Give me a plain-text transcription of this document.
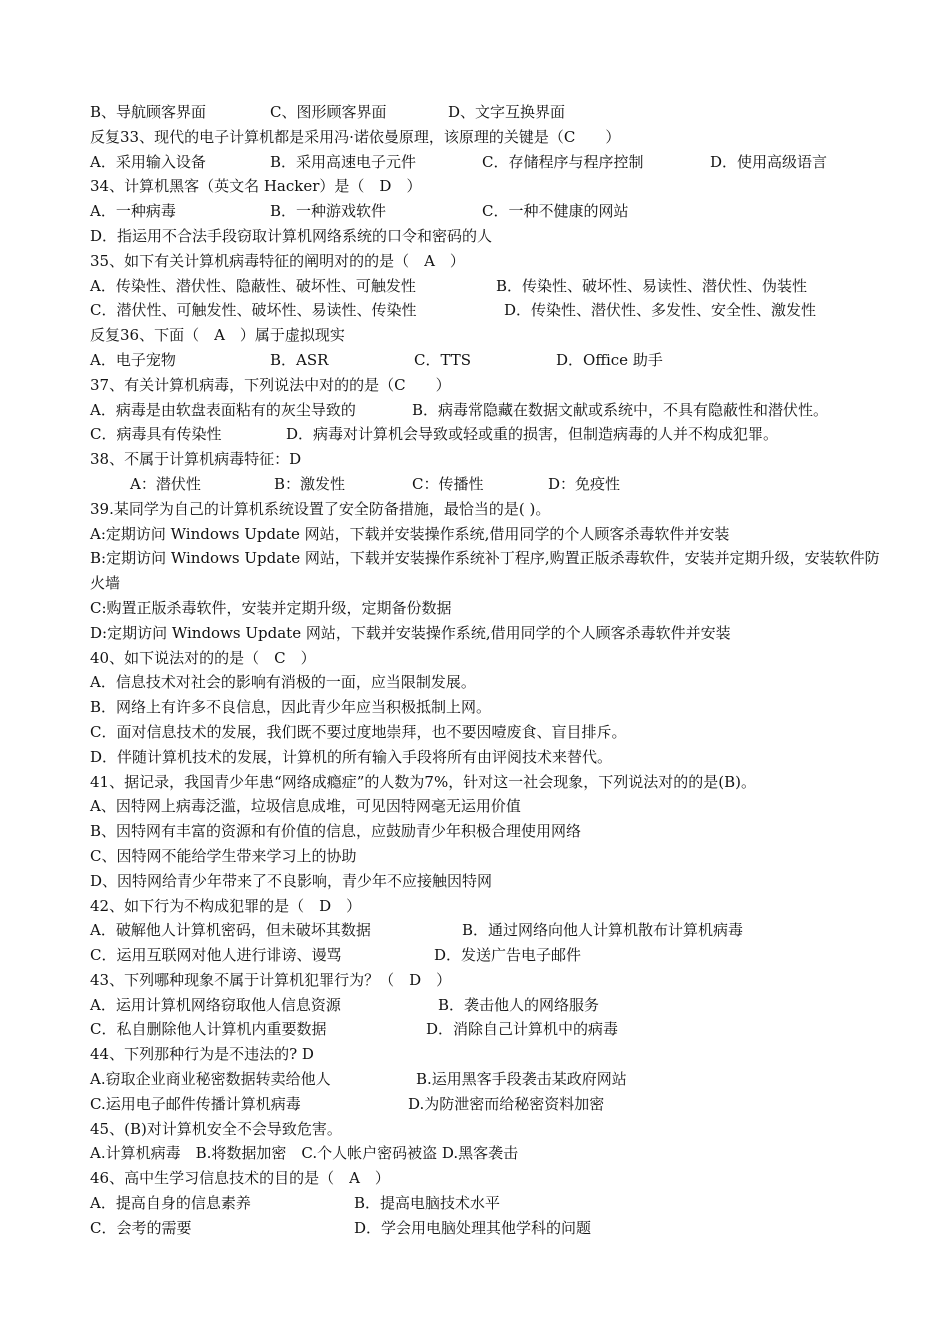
B、导航顾客界面	C、图形顾客界面	D、文字互换界面
反复33、现代的电子计算机都是采用冯·诺依曼原理，该原理的关键是（C　　）
A．采用输入设备	B．采用高速电子元件	C．存储程序与程序控制	D．使用高级语言
34、计算机黑客（英文名 Hacker）是（　D　）
A．一种病毒	B．一种游戏软件	C．一种不健康的网站
D．指运用不合法手段窃取计算机网络系统的口令和密码的人
35、如下有关计算机病毒特征的阐明对的的是（　A　）
A．传染性、潜伏性、隐蔽性、破坏性、可触发性	B．传染性、破坏性、易读性、潜伏性、伪装性
C．潜伏性、可触发性、破坏性、易读性、传染性	D．传染性、潜伏性、多发性、安全性、激发性
反复36、下面（　A　）属于虚拟现实
A．电子宠物	B．ASR	C．TTS	D．Office 助手
37、有关计算机病毒，下列说法中对的的是（C　　）
A．病毒是由软盘表面粘有的灰尘导致的	B．病毒常隐藏在数据文献或系统中，不具有隐蔽性和潜伏性。
C．病毒具有传染性	D．病毒对计算机会导致或轻或重的损害，但制造病毒的人并不构成犯罪。
38、不属于计算机病毒特征：D
A：潜伏性	B：激发性	C：传播性	D：免疫性
39.某同学为自己的计算机系统设置了安全防备措施，最恰当的是( )。
A:定期访问 Windows Update 网站，下载并安装操作系统,借用同学的个人顾客杀毒软件并安装
B:定期访问 Windows Update 网站，下载并安装操作系统补丁程序,购置正版杀毒软件，安装并定期升级，安装软件防火墙
C:购置正版杀毒软件，安装并定期升级，定期备份数据
D:定期访问 Windows Update 网站，下载并安装操作系统,借用同学的个人顾客杀毒软件并安装
40、如下说法对的的是（　C　）
A．信息技术对社会的影响有消极的一面，应当限制发展。
B．网络上有许多不良信息，因此青少年应当积极抵制上网。
C．面对信息技术的发展，我们既不要过度地崇拜，也不要因噎废食、盲目排斥。
D．伴随计算机技术的发展，计算机的所有输入手段将所有由评阅技术来替代。
41、据记录，我国青少年患“网络成瘾症”的人数为7%，针对这一社会现象，下列说法对的的是(B)。
A、因特网上病毒泛滥，垃圾信息成堆，可见因特网毫无运用价值
B、因特网有丰富的资源和有价值的信息，应鼓励青少年积极合理使用网络
C、因特网不能给学生带来学习上的协助
D、因特网给青少年带来了不良影响，青少年不应接触因特网
42、如下行为不构成犯罪的是（　D　）
A．破解他人计算机密码，但未破坏其数据	B．通过网络向他人计算机散布计算机病毒
C．运用互联网对他人进行诽谤、谩骂	D．发送广告电子邮件
43、下列哪种现象不属于计算机犯罪行为？（　D　）
A．运用计算机网络窃取他人信息资源	B．袭击他人的网络服务
C．私自删除他人计算机内重要数据	D．消除自己计算机中的病毒
44、下列那种行为是不违法的? D
A.窃取企业商业秘密数据转卖给他人	B.运用黑客手段袭击某政府网站
C.运用电子邮件传播计算机病毒	D.为防泄密而给秘密资料加密
45、(B)对计算机安全不会导致危害。
A.计算机病毒　B.将数据加密　C.个人帐户密码被盗 D.黑客袭击
46、高中生学习信息技术的目的是（　A　）
A．提高自身的信息素养	B．提高电脑技术水平
C．会考的需要	D．学会用电脑处理其他学科的问题
